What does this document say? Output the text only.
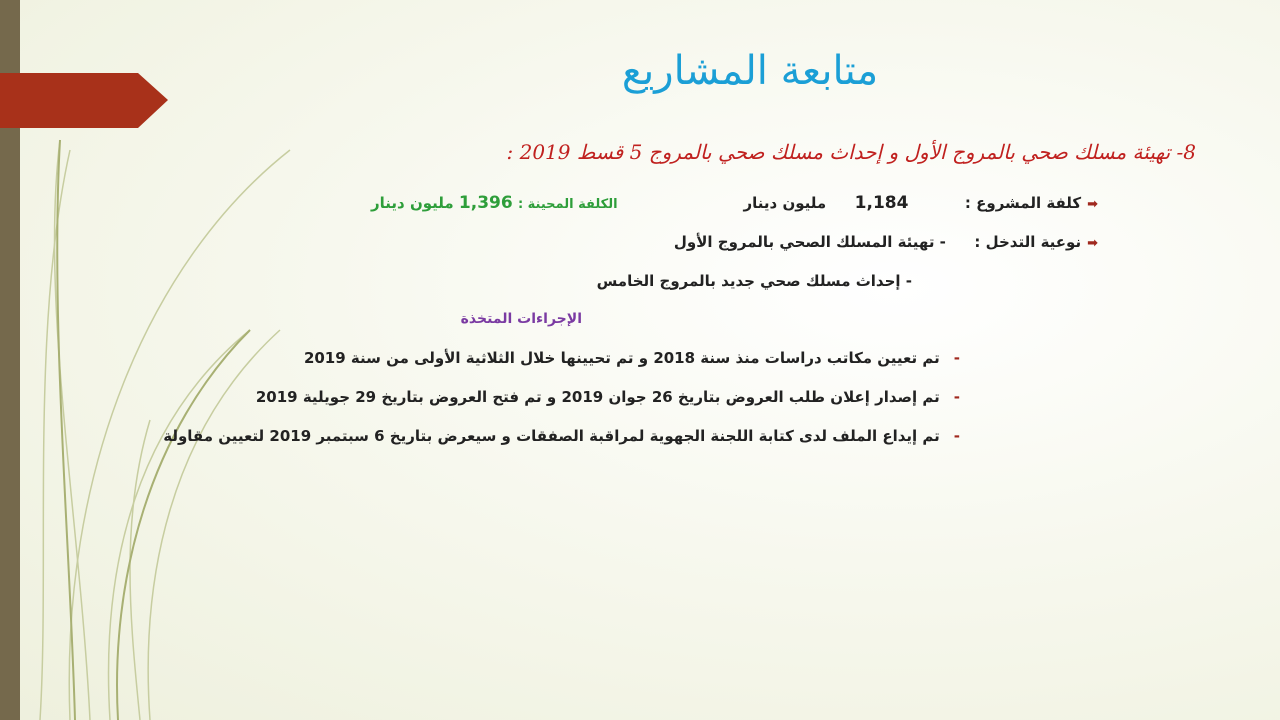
متابعة المشاريع
8- تهيئة مسلك صحي بالمروج الأول و إحداث مسلك صحي بالمروج 5 قسط 2019 :
➡كلفة المشروع :  1,184  مليون دينار
الكلفة المحينة : 1,396 مليون دينار
➡نوعية التدخل :  - تهيئة المسلك الصحي بالمروج الأول
- إحداث مسلك صحي جديد بالمروج الخامس
الإجراءات المتخذة
-تم تعيين مكاتب دراسات منذ سنة 2018 و تم تحيينها خلال الثلاثية الأولى من سنة 2019
-تم إصدار إعلان طلب العروض بتاريخ 26 جوان 2019 و تم فتح العروض بتاريخ 29 جويلية 2019
-تم إيداع الملف لدى كتابة اللجنة الجهوية لمراقبة الصفقات و سيعرض بتاريخ 6 سبتمبر 2019 لتعيين مقاولة
